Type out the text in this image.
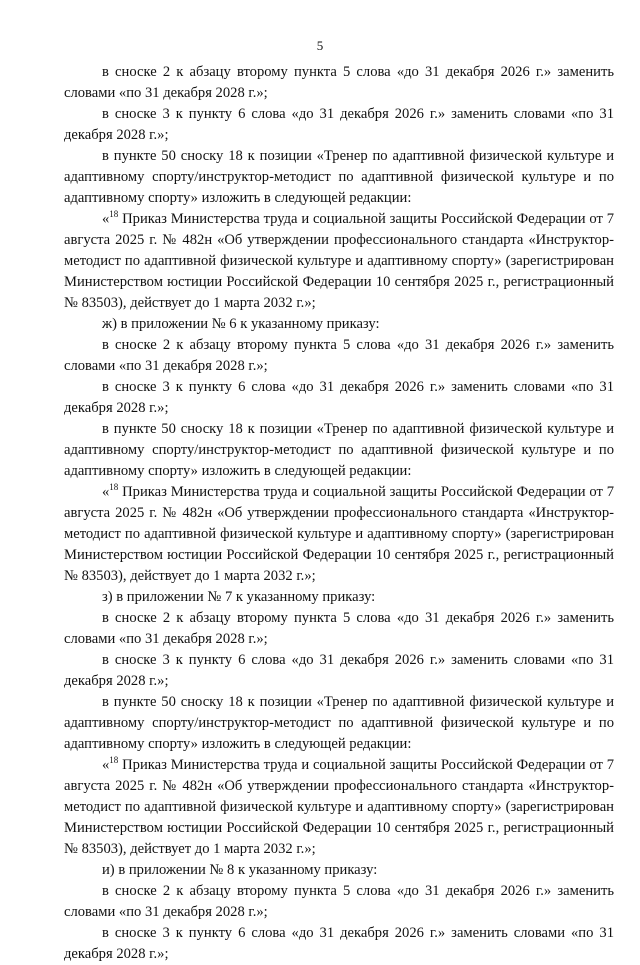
5

в сноске 2 к абзацу второму пункта 5 слова «до 31 декабря 2026 г.» заменить словами «по 31 декабря 2028 г.»;

в сноске 3 к пункту 6 слова «до 31 декабря 2026 г.» заменить словами «по 31 декабря 2028 г.»;

в пункте 50 сноску 18 к позиции «Тренер по адаптивной физической культуре и адаптивному спорту/инструктор-методист по адаптивной физической культуре и по адаптивному спорту» изложить в следующей редакции:

«$^{18}$ Приказ Министерства труда и социальной защиты Российской Федерации от 7 августа 2025 г. № 482н «Об утверждении профессионального стандарта «Инструктор-методист по адаптивной физической культуре и адаптивному спорту» (зарегистрирован Министерством юстиции Российской Федерации 10 сентября 2025 г., регистрационный № 83503), действует до 1 марта 2032 г.»;

ж) в приложении № 6 к указанному приказу:

в сноске 2 к абзацу второму пункта 5 слова «до 31 декабря 2026 г.» заменить словами «по 31 декабря 2028 г.»;

в сноске 3 к пункту 6 слова «до 31 декабря 2026 г.» заменить словами «по 31 декабря 2028 г.»;

в пункте 50 сноску 18 к позиции «Тренер по адаптивной физической культуре и адаптивному спорту/инструктор-методист по адаптивной физической культуре и по адаптивному спорту» изложить в следующей редакции:

«$^{18}$ Приказ Министерства труда и социальной защиты Российской Федерации от 7 августа 2025 г. № 482н «Об утверждении профессионального стандарта «Инструктор-методист по адаптивной физической культуре и адаптивному спорту» (зарегистрирован Министерством юстиции Российской Федерации 10 сентября 2025 г., регистрационный № 83503), действует до 1 марта 2032 г.»;

з) в приложении № 7 к указанному приказу:

в сноске 2 к абзацу второму пункта 5 слова «до 31 декабря 2026 г.» заменить словами «по 31 декабря 2028 г.»;

в сноске 3 к пункту 6 слова «до 31 декабря 2026 г.» заменить словами «по 31 декабря 2028 г.»;

в пункте 50 сноску 18 к позиции «Тренер по адаптивной физической культуре и адаптивному спорту/инструктор-методист по адаптивной физической культуре и по адаптивному спорту» изложить в следующей редакции:

«$^{18}$ Приказ Министерства труда и социальной защиты Российской Федерации от 7 августа 2025 г. № 482н «Об утверждении профессионального стандарта «Инструктор-методист по адаптивной физической культуре и адаптивному спорту» (зарегистрирован Министерством юстиции Российской Федерации 10 сентября 2025 г., регистрационный № 83503), действует до 1 марта 2032 г.»;

и) в приложении № 8 к указанному приказу:

в сноске 2 к абзацу второму пункта 5 слова «до 31 декабря 2026 г.» заменить словами «по 31 декабря 2028 г.»;

в сноске 3 к пункту 6 слова «до 31 декабря 2026 г.» заменить словами «по 31 декабря 2028 г.»;
